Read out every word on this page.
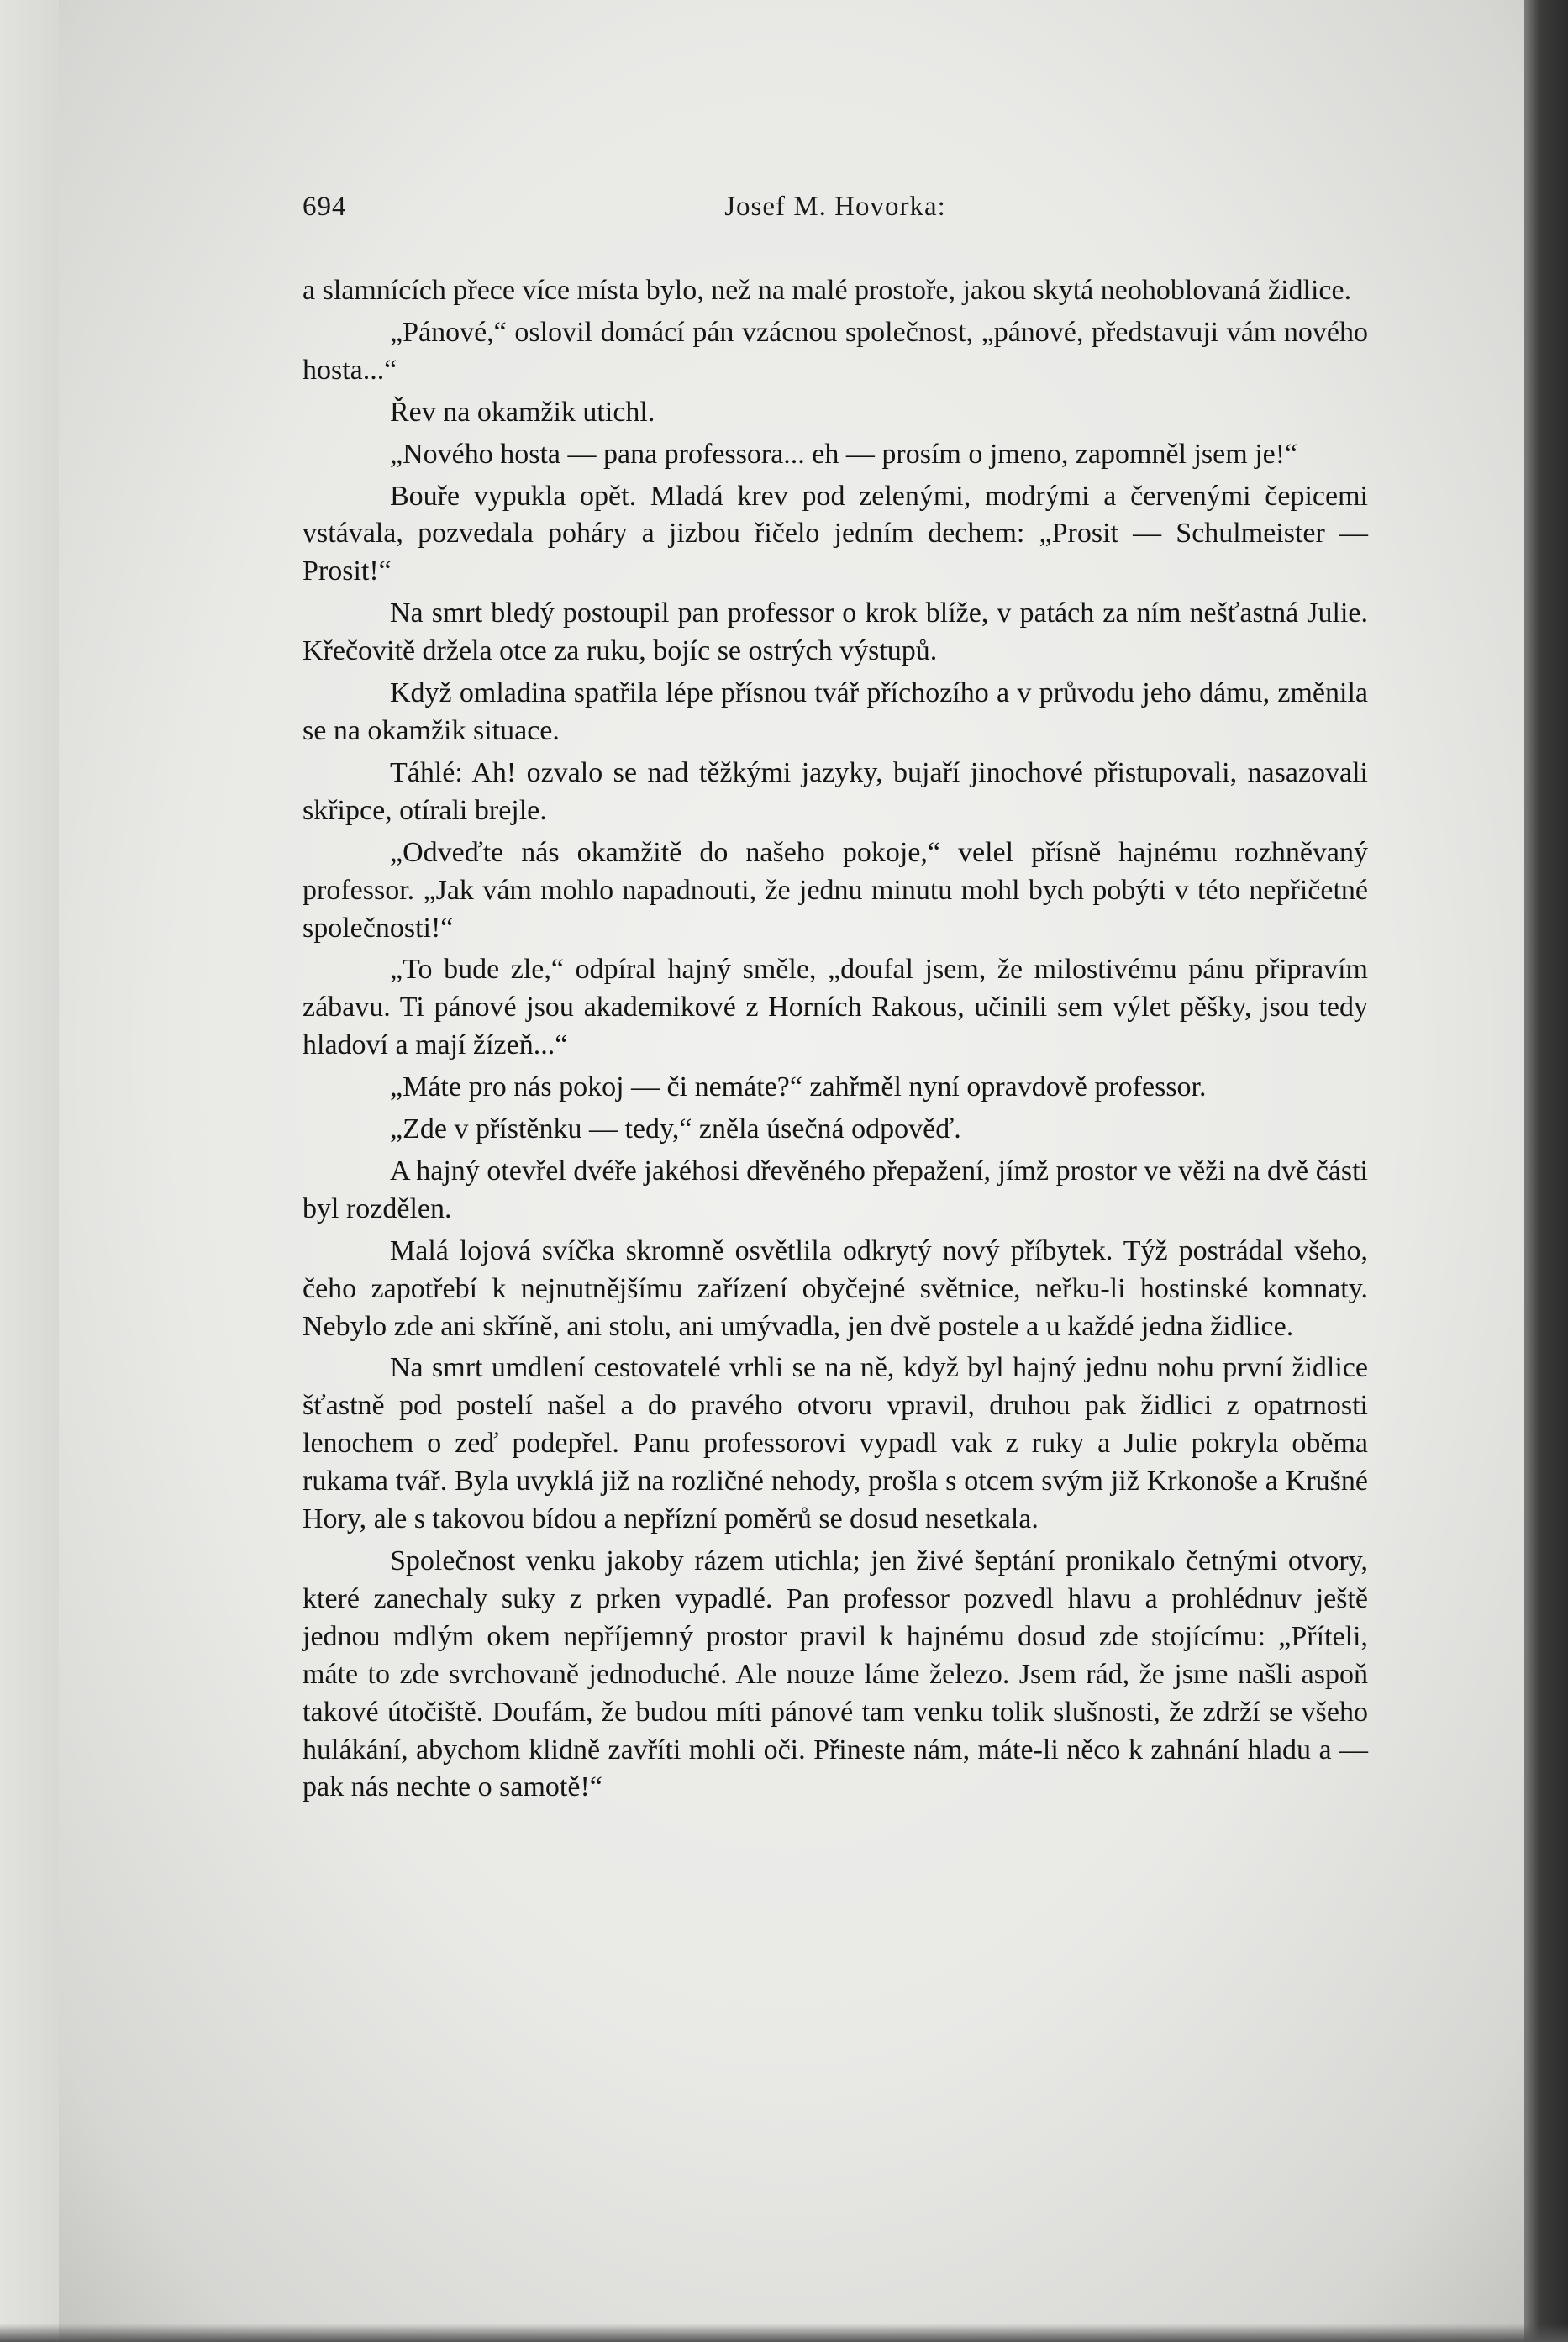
694	Josef M. Hovorka:

a slamnících přece více místa bylo, než na malé prostoře, jakou skytá neohoblovaná židlice.

„Pánové,“ oslovil domácí pán vzácnou společnost, „pánové, představuji vám nového hosta...“

Řev na okamžik utichl.

„Nového hosta — pana professora... eh — prosím o jmeno, zapomněl jsem je!“

Bouře vypukla opět. Mladá krev pod zelenými, modrými a červenými čepicemi vstávala, pozvedala poháry a jizbou řičelo jedním dechem: „Prosit — Schulmeister — Prosit!“

Na smrt bledý postoupil pan professor o krok blíže, v patách za ním nešťastná Julie. Křečovitě držela otce za ruku, bojíc se ostrých výstupů.

Když omladina spatřila lépe přísnou tvář příchozího a v průvodu jeho dámu, změnila se na okamžik situace.

Táhlé: Ah! ozvalo se nad těžkými jazyky, bujaří jinochové přistupovali, nasazovali skřipce, otírali brejle.

„Odveďte nás okamžitě do našeho pokoje,“ velel přísně hajnému rozhněvaný professor. „Jak vám mohlo napadnouti, že jednu minutu mohl bych pobýti v této nepřičetné společnosti!“

„To bude zle,“ odpíral hajný směle, „doufal jsem, že milostivému pánu připravím zábavu. Ti pánové jsou akademikové z Horních Rakous, učinili sem výlet pěšky, jsou tedy hladoví a mají žízeň...“

„Máte pro nás pokoj — či nemáte?“ zahřměl nyní opravdově professor.

„Zde v přístěnku — tedy,“ zněla úsečná odpověď.

A hajný otevřel dvéře jakéhosi dřevěného přepažení, jímž prostor ve věži na dvě části byl rozdělen.

Malá lojová svíčka skromně osvětlila odkrytý nový příbytek. Týž postrádal všeho, čeho zapotřebí k nejnutnějšímu zařízení obyčejné světnice, neřku-li hostinské komnaty. Nebylo zde ani skříně, ani stolu, ani umývadla, jen dvě postele a u každé jedna židlice.

Na smrt umdlení cestovatelé vrhli se na ně, když byl hajný jednu nohu první židlice šťastně pod postelí našel a do pravého otvoru vpravil, druhou pak židlici z opatrnosti lenochem o zeď podepřel. Panu professorovi vypadl vak z ruky a Julie pokryla oběma rukama tvář. Byla uvyklá již na rozličné nehody, prošla s otcem svým již Krkonoše a Krušné Hory, ale s takovou bídou a nepřízní poměrů se dosud nesetkala.

Společnost venku jakoby rázem utichla; jen živé šeptání pronikalo četnými otvory, které zanechaly suky z prken vypadlé. Pan professor pozvedl hlavu a prohlédnuv ještě jednou mdlým okem nepříjemný prostor pravil k hajnému dosud zde stojícímu: „Příteli, máte to zde svrchovaně jednoduché. Ale nouze láme železo. Jsem rád, že jsme našli aspoň takové útočiště. Doufám, že budou míti pánové tam venku tolik slušnosti, že zdrží se všeho hulákání, abychom klidně zavříti mohli oči. Přineste nám, máte-li něco k zahnání hladu a — pak nás nechte o samotě!“
